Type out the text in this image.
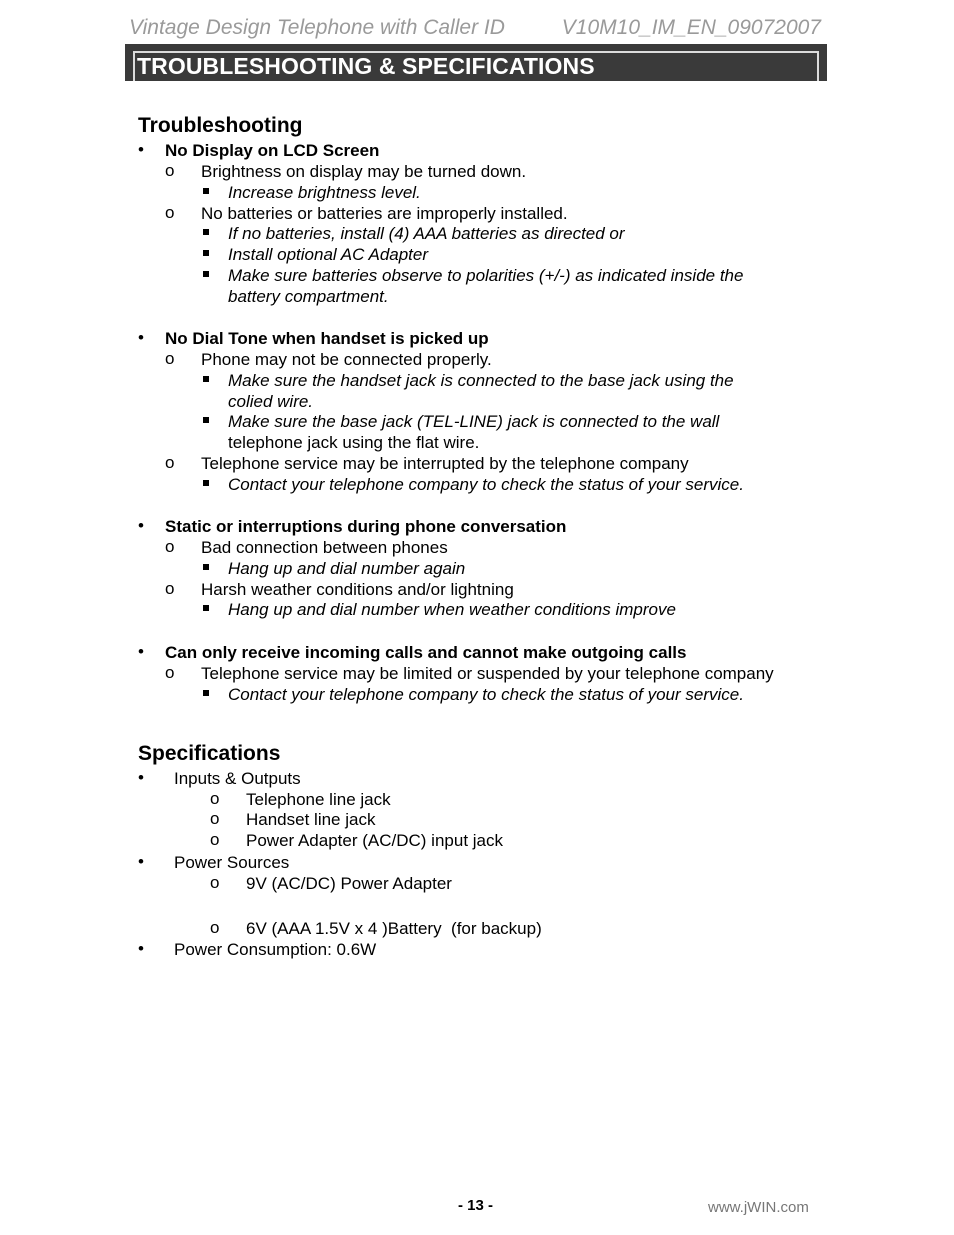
Vintage Design Telephone with Caller ID	V10M10_IM_EN_09072007
TROUBLESHOOTING & SPECIFICATIONS
Troubleshooting
• No Display on LCD Screen
o Brightness on display may be turned down.
Increase brightness level.
o No batteries or batteries are improperly installed.
If no batteries, install (4) AAA batteries as directed or
Install optional AC Adapter
Make sure batteries observe to polarities (+/-) as indicated inside the
battery compartment.
• No Dial Tone when handset is picked up
o Phone may not be connected properly.
Make sure the handset jack is connected to the base jack using the
colied wire.
Make sure the base jack (TEL-LINE) jack is connected to the wall
telephone jack using the flat wire.
o Telephone service may be interrupted by the telephone company
Contact your telephone company to check the status of your service.
• Static or interruptions during phone conversation
o Bad connection between phones
Hang up and dial number again
o Harsh weather conditions and/or lightning
Hang up and dial number when weather conditions improve
• Can only receive incoming calls and cannot make outgoing calls
o Telephone service may be limited or suspended by your telephone company
Contact your telephone company to check the status of your service.
Specifications
• Inputs & Outputs
o Telephone line jack
o Handset line jack
o Power Adapter (AC/DC) input jack
• Power Sources
o 9V (AC/DC) Power Adapter
o 6V (AAA 1.5V x 4 )Battery  (for backup)
• Power Consumption: 0.6W
- 13 -	www.jWIN.com
